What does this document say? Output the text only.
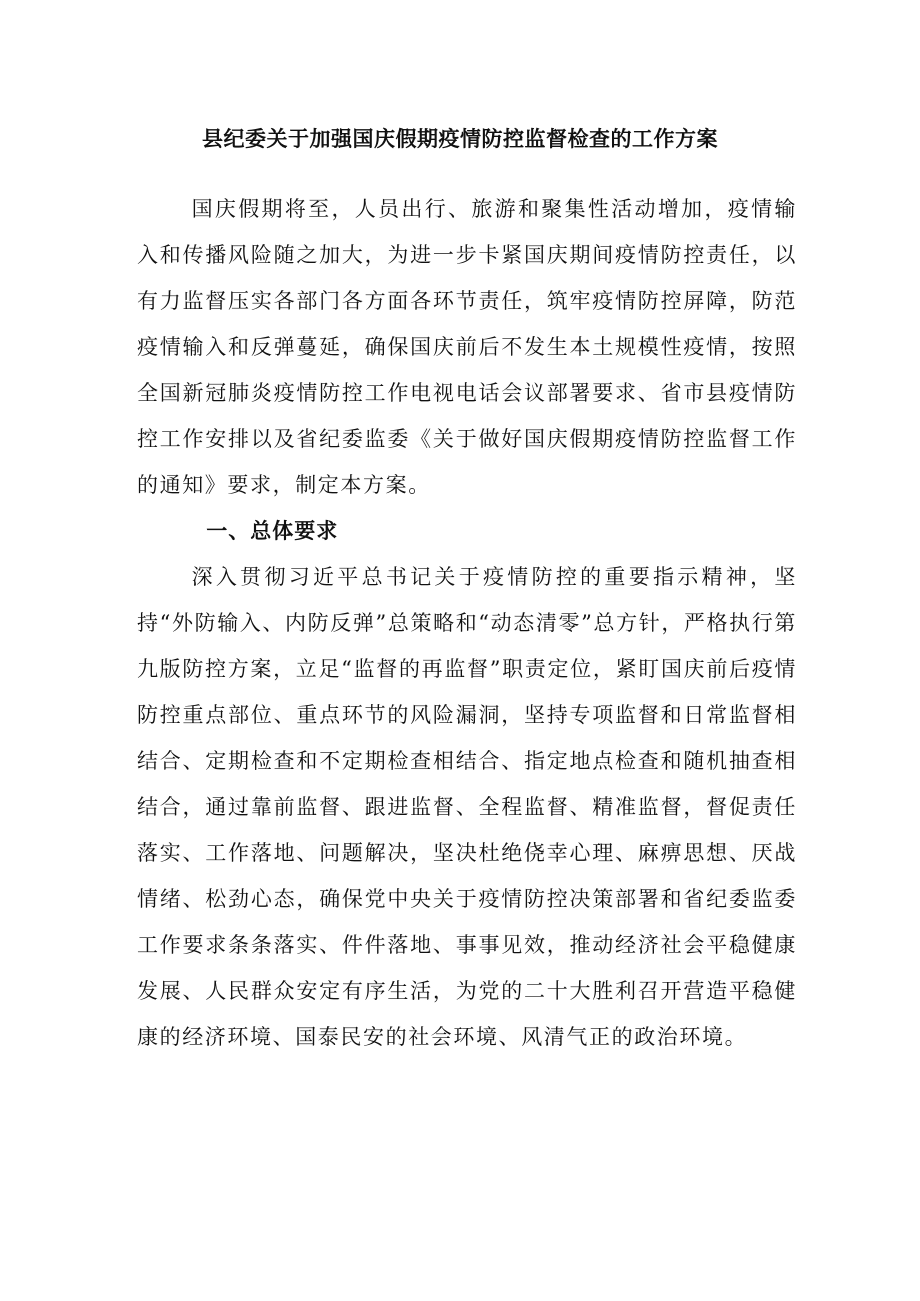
县纪委关于加强国庆假期疫情防控监督检查的工作方案

国庆假期将至，人员出行、旅游和聚集性活动增加，疫情输入和传播风险随之加大，为进一步卡紧国庆期间疫情防控责任，以有力监督压实各部门各方面各环节责任，筑牢疫情防控屏障，防范疫情输入和反弹蔓延，确保国庆前后不发生本土规模性疫情，按照全国新冠肺炎疫情防控工作电视电话会议部署要求、省市县疫情防控工作安排以及省纪委监委《关于做好国庆假期疫情防控监督工作的通知》要求，制定本方案。

一、总体要求

深入贯彻习近平总书记关于疫情防控的重要指示精神，坚持“外防输入、内防反弹”总策略和“动态清零”总方针，严格执行第九版防控方案，立足“监督的再监督”职责定位，紧盯国庆前后疫情防控重点部位、重点环节的风险漏洞，坚持专项监督和日常监督相结合、定期检查和不定期检查相结合、指定地点检查和随机抽查相结合，通过靠前监督、跟进监督、全程监督、精准监督，督促责任落实、工作落地、问题解决，坚决杜绝侥幸心理、麻痹思想、厌战情绪、松劲心态，确保党中央关于疫情防控决策部署和省纪委监委工作要求条条落实、件件落地、事事见效，推动经济社会平稳健康发展、人民群众安定有序生活，为党的二十大胜利召开营造平稳健康的经济环境、国泰民安的社会环境、风清气正的政治环境。
